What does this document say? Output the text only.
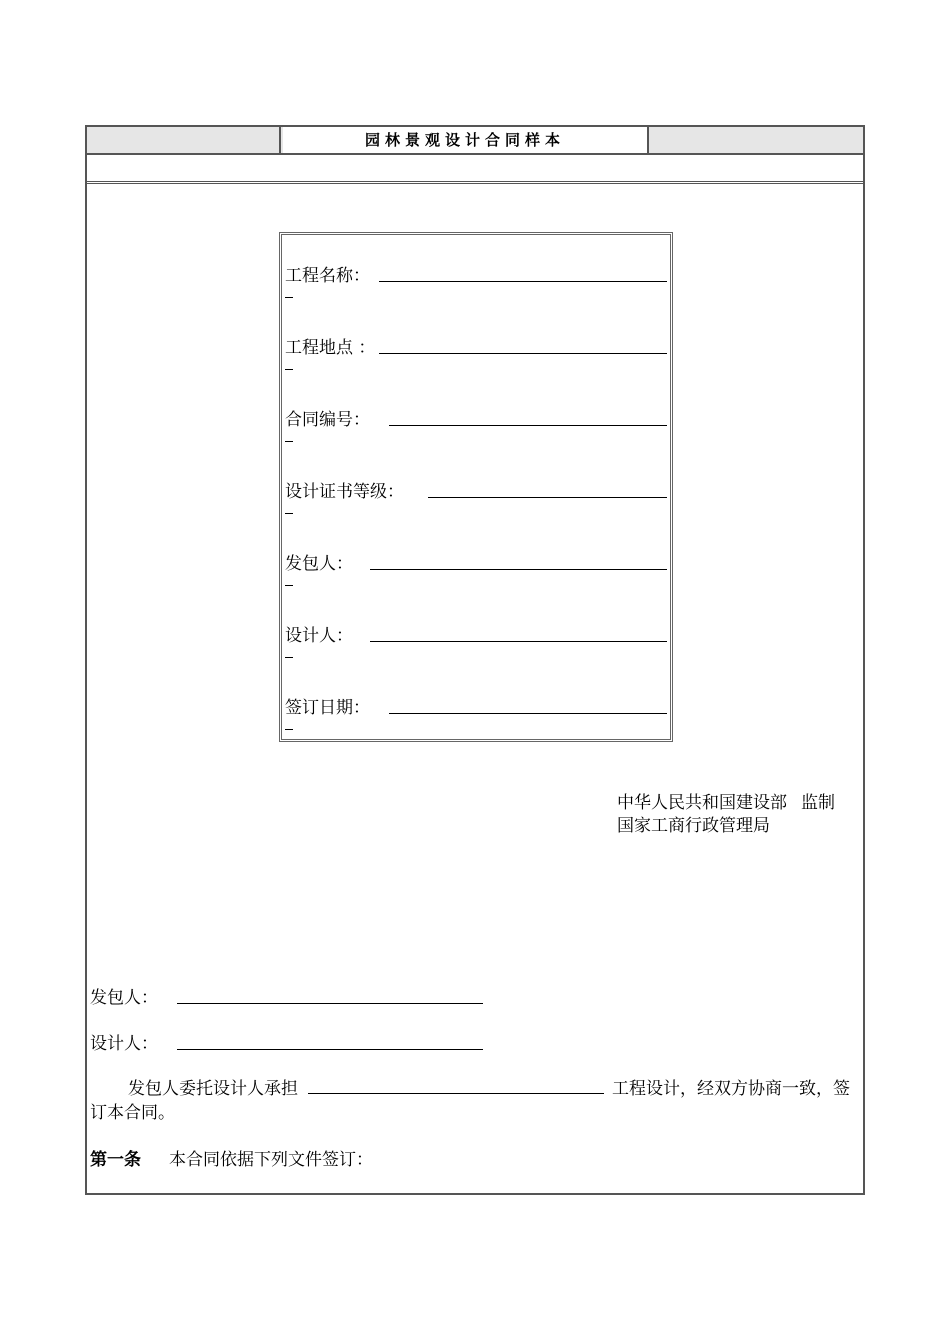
园林景观设计合同样本
工程名称：
工程地点 ：
合同编号：
设计证书等级：
发包人：
设计人：
签订日期：
中华人民共和国建设部 监制
国家工商行政管理局
发包人：
设计人：
发包人委托设计人承担	工程设计，经双方协商一致，签订本合同。
第一条 本合同依据下列文件签订：
